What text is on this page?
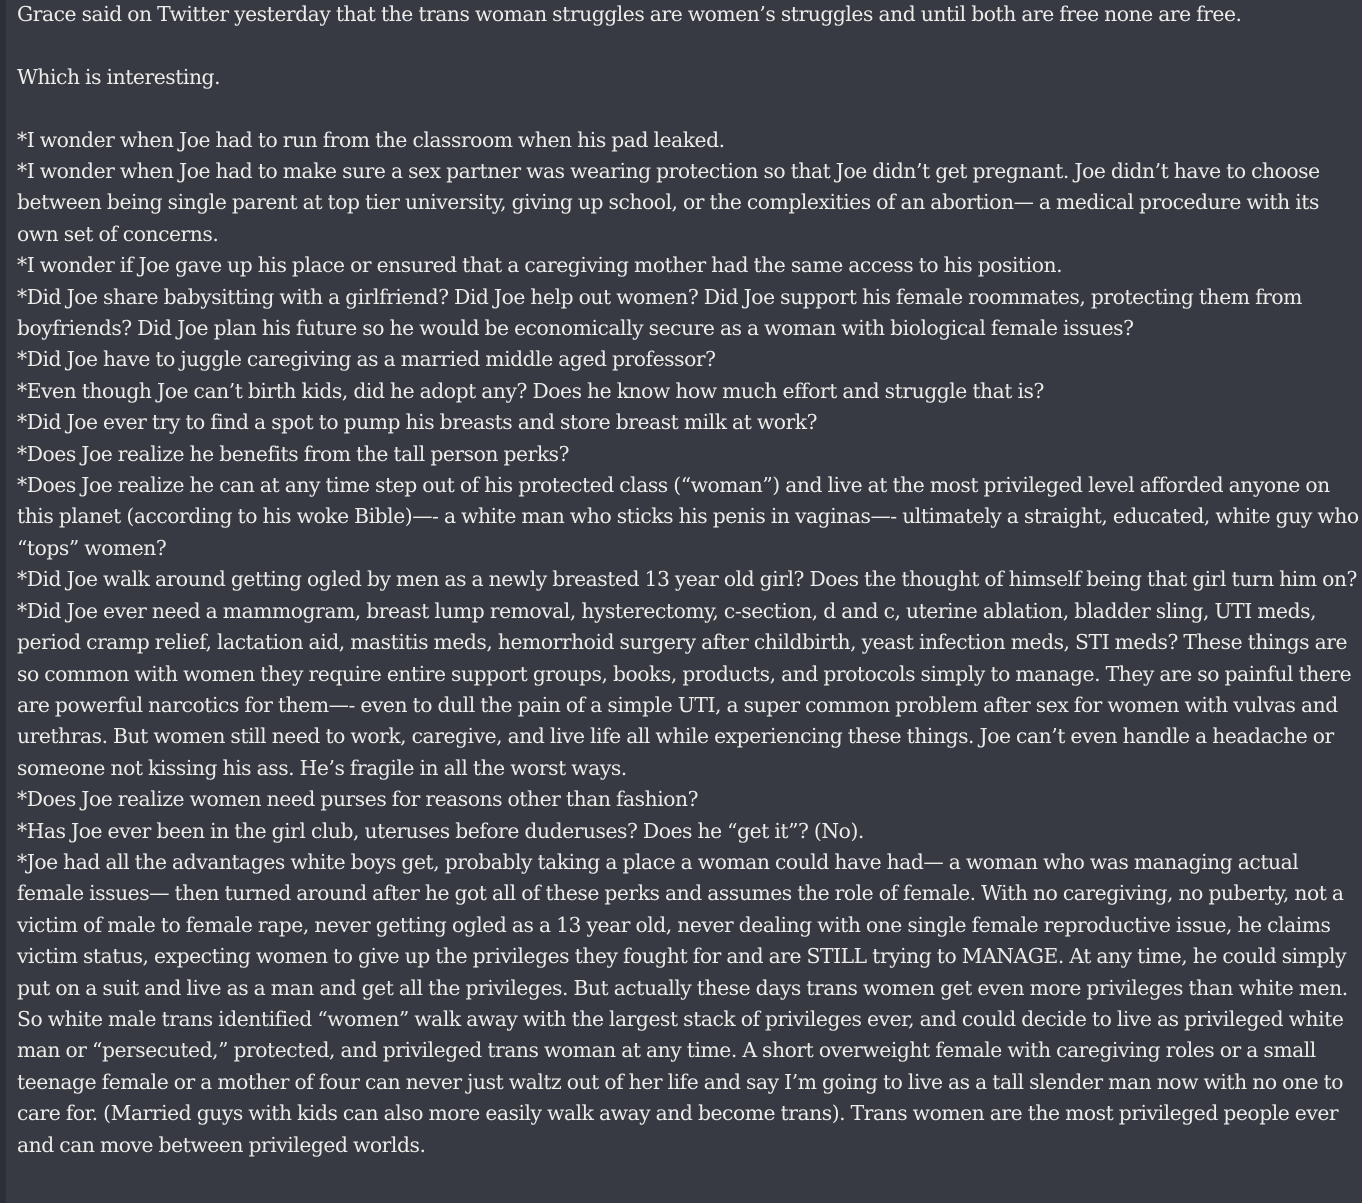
Grace said on Twitter yesterday that the trans woman struggles are women’s struggles and until both are free none are free.

Which is interesting.

*I wonder when Joe had to run from the classroom when his pad leaked.

*I wonder when Joe had to make sure a sex partner was wearing protection so that Joe didn’t get pregnant. Joe didn’t have to choose between being single parent at top tier university, giving up school, or the complexities of an abortion— a medical procedure with its own set of concerns.

*I wonder if Joe gave up his place or ensured that a caregiving mother had the same access to his position.

*Did Joe share babysitting with a girlfriend? Did Joe help out women? Did Joe support his female roommates, protecting them from boyfriends? Did Joe plan his future so he would be economically secure as a woman with biological female issues?

*Did Joe have to juggle caregiving as a married middle aged professor?

*Even though Joe can’t birth kids, did he adopt any? Does he know how much effort and struggle that is?

*Did Joe ever try to find a spot to pump his breasts and store breast milk at work?

*Does Joe realize he benefits from the tall person perks?

*Does Joe realize he can at any time step out of his protected class (“woman”) and live at the most privileged level afforded anyone on this planet (according to his woke Bible)—- a white man who sticks his penis in vaginas—- ultimately a straight, educated, white guy who “tops” women?

*Did Joe walk around getting ogled by men as a newly breasted 13 year old girl? Does the thought of himself being that girl turn him on?

*Did Joe ever need a mammogram, breast lump removal, hysterectomy, c-section, d and c, uterine ablation, bladder sling, UTI meds, period cramp relief, lactation aid, mastitis meds, hemorrhoid surgery after childbirth, yeast infection meds, STI meds? These things are so common with women they require entire support groups, books, products, and protocols simply to manage. They are so painful there are powerful narcotics for them—- even to dull the pain of a simple UTI, a super common problem after sex for women with vulvas and urethras. But women still need to work, caregive, and live life all while experiencing these things. Joe can’t even handle a headache or someone not kissing his ass. He’s fragile in all the worst ways.

*Does Joe realize women need purses for reasons other than fashion?

*Has Joe ever been in the girl club, uteruses before duderuses? Does he “get it”? (No).

*Joe had all the advantages white boys get, probably taking a place a woman could have had— a woman who was managing actual female issues— then turned around after he got all of these perks and assumes the role of female. With no caregiving, no puberty, not a victim of male to female rape, never getting ogled as a 13 year old, never dealing with one single female reproductive issue, he claims victim status, expecting women to give up the privileges they fought for and are STILL trying to MANAGE. At any time, he could simply put on a suit and live as a man and get all the privileges. But actually these days trans women get even more privileges than white men. So white male trans identified “women” walk away with the largest stack of privileges ever, and could decide to live as privileged white man or “persecuted,” protected, and privileged trans woman at any time. A short overweight female with caregiving roles or a small teenage female or a mother of four can never just waltz out of her life and say I’m going to live as a tall slender man now with no one to care for. (Married guys with kids can also more easily walk away and become trans). Trans women are the most privileged people ever and can move between privileged worlds.
